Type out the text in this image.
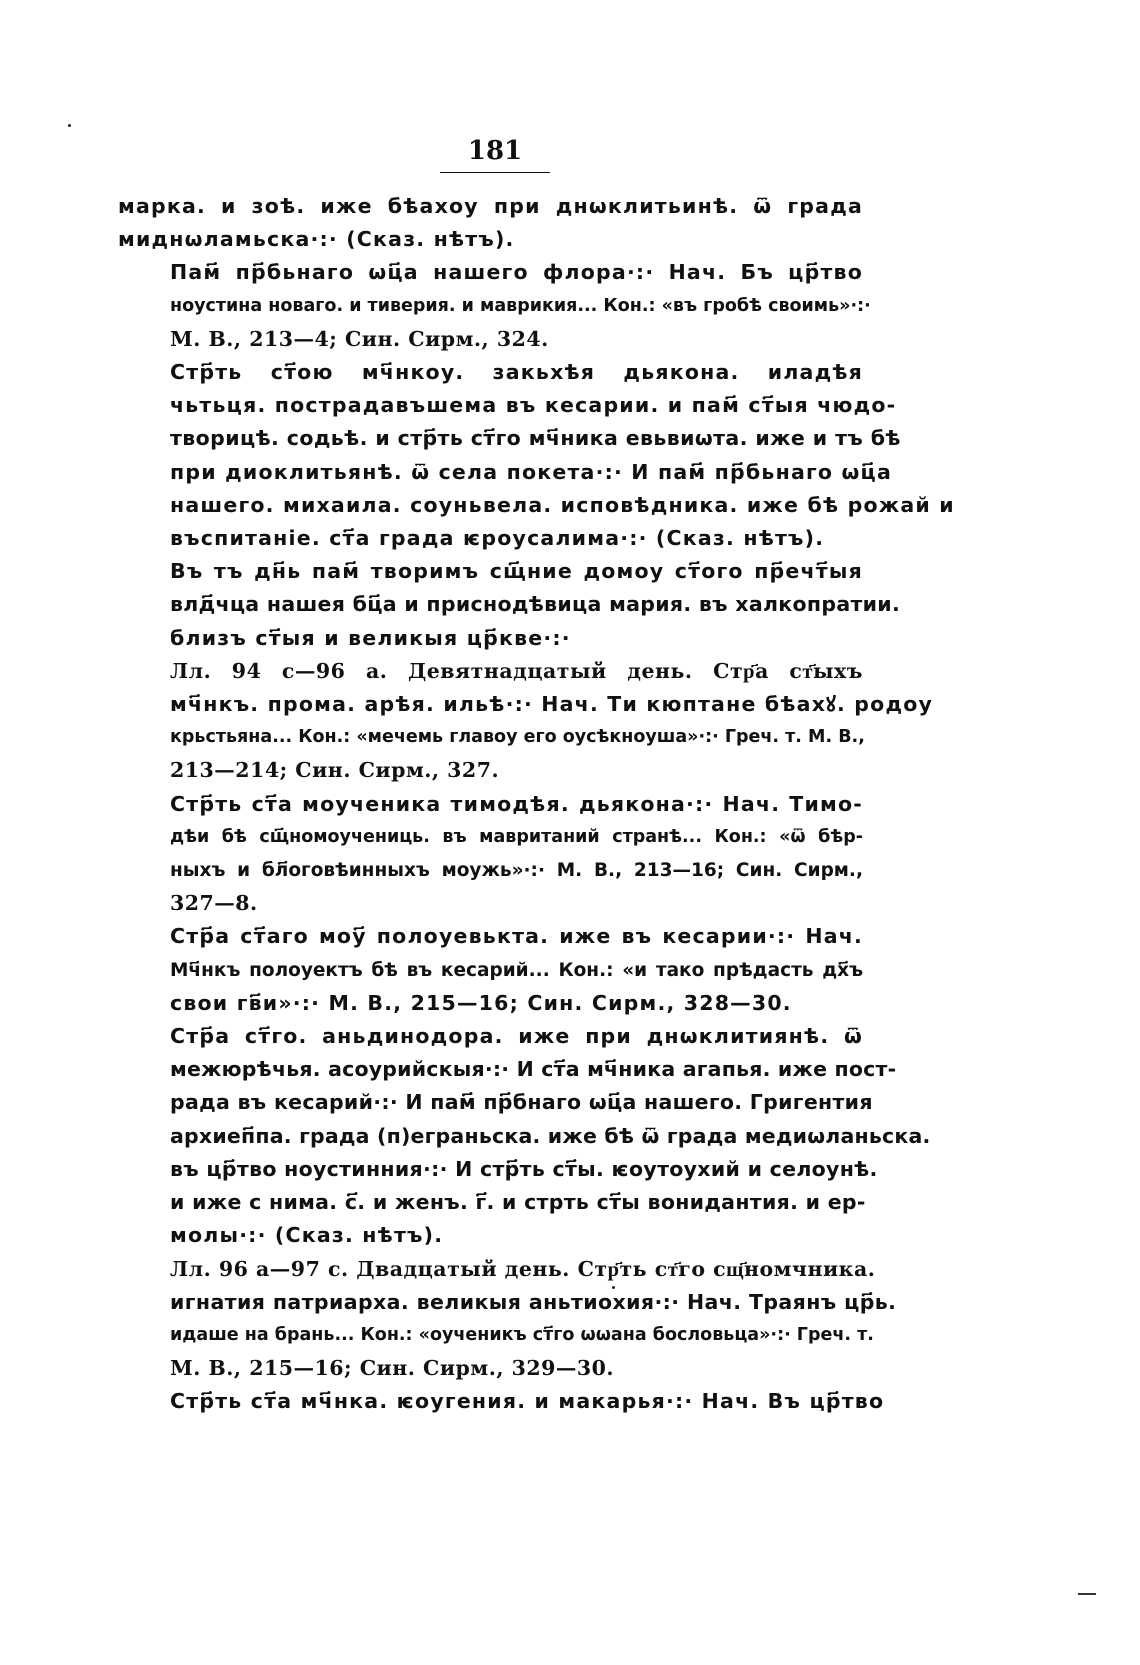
181

марка. и зоѣ. иже бѣахоу при днѡклитьинѣ. ѿ града
миднѡламьска·:· (Сказ. нѣтъ).

Пам҃ пр҃бьнаго ѡц҃а нашего флора·:· Нач. Бъ цр҃тво
ноустина новаго. и тиверия. и маврикия... Кон.: «въ гробѣ своимь»·:·
М. В., 213—4; Син. Сирм., 324.

Стр҃ть ст҃ою мч҃нкоу. закьхѣя дьякона. иладѣя
чьтьця. пострадавъшема въ кесарии. и пам҃ ст҃ыя чюдо-
творицѣ. содьѣ. и стр҃ть ст҃го мч҃ника евьвиѡта. иже и тъ бѣ
при диоклитьянѣ. ѿ села покета·:· И пам҃ пр҃бьнаго ѡц҃а
нашего. михаила. соуньвела. исповѣдника. иже бѣ рожай и
въспитаніе. ст҃а града ѥроусалима·:· (Сказ. нѣтъ).

Въ тъ дн҃ь пам҃ творимъ сщ҃ние домоу ст҃ого пр҃ечт҃ыя
влд҃чца нашея бц҃а и приснодѣвица мария. въ халкопратии.
близъ ст҃ыя и великыя цр҃кве·:·

Лл. 94 с—96 а. Девятнадцатый день. Стр҃а ст҃ыхъ
мч҃нкъ. прома. арѣя. ильѣ·:· Нач. Ти кюптане бѣахꙋ. родоу
крьстьяна... Кон.: «мечемь главоу его оусѣкноуша»·:· Греч. т. М. В.,
213—214; Син. Сирм., 327.

Стр҃ть ст҃а моученика тимодѣя. дьякона·:· Нач. Тимо-
дѣи бѣ сщ҃номоучениць. въ мавританий странѣ... Кон.: «ѿ бѣр-
ныхъ и бл҃оговѣинныхъ моужь»·:· М. В., 213—16; Син. Сирм.,
327—8.

Стр҃а ст҃аго моу҃ полоуевькта. иже въ кесарии·:· Нач.
Мч҃нкъ полоуектъ бѣ въ кесарий... Кон.: «и тако прѣдасть дх҃ъ
свои гв҃и»·:· М. В., 215—16; Син. Сирм., 328—30.

Стр҃а ст҃го. аньдинодора. иже при днѡклитиянѣ. ѿ
межюрѣчья. асоурийскыя·:· И ст҃а мч҃ника агапья. иже пост-
рада въ кесарий·:· И пам҃ пр҃бнаго ѡц҃а нашего. Григентия
архиеп҃па. града (п)еграньска. иже бѣ ѿ града медиѡланьска.
въ цр҃тво ноустинния·:· И стр҃ть ст҃ы. ѥоутоухий и селоунѣ.
и иже с нима. с҃. и женъ. г҃. и стрть ст҃ы вонидантия. и ер-
молы·:· (Сказ. нѣтъ).

Лл. 96 а—97 с. Двадцатый день. Стр҃ть ст҃го сщ҃номчника.
игнатия патриарха. великыя аньтиохия·:· Нач. Траянъ цр҃ь.
идаше на брань... Кон.: «оученикъ ст҃го ѡѡана бословьца»·:· Греч. т.
М. В., 215—16; Син. Сирм., 329—30.

Стр҃ть ст҃а мч҃нка. ѥоугения. и макарья·:· Нач. Въ цр҃тво
